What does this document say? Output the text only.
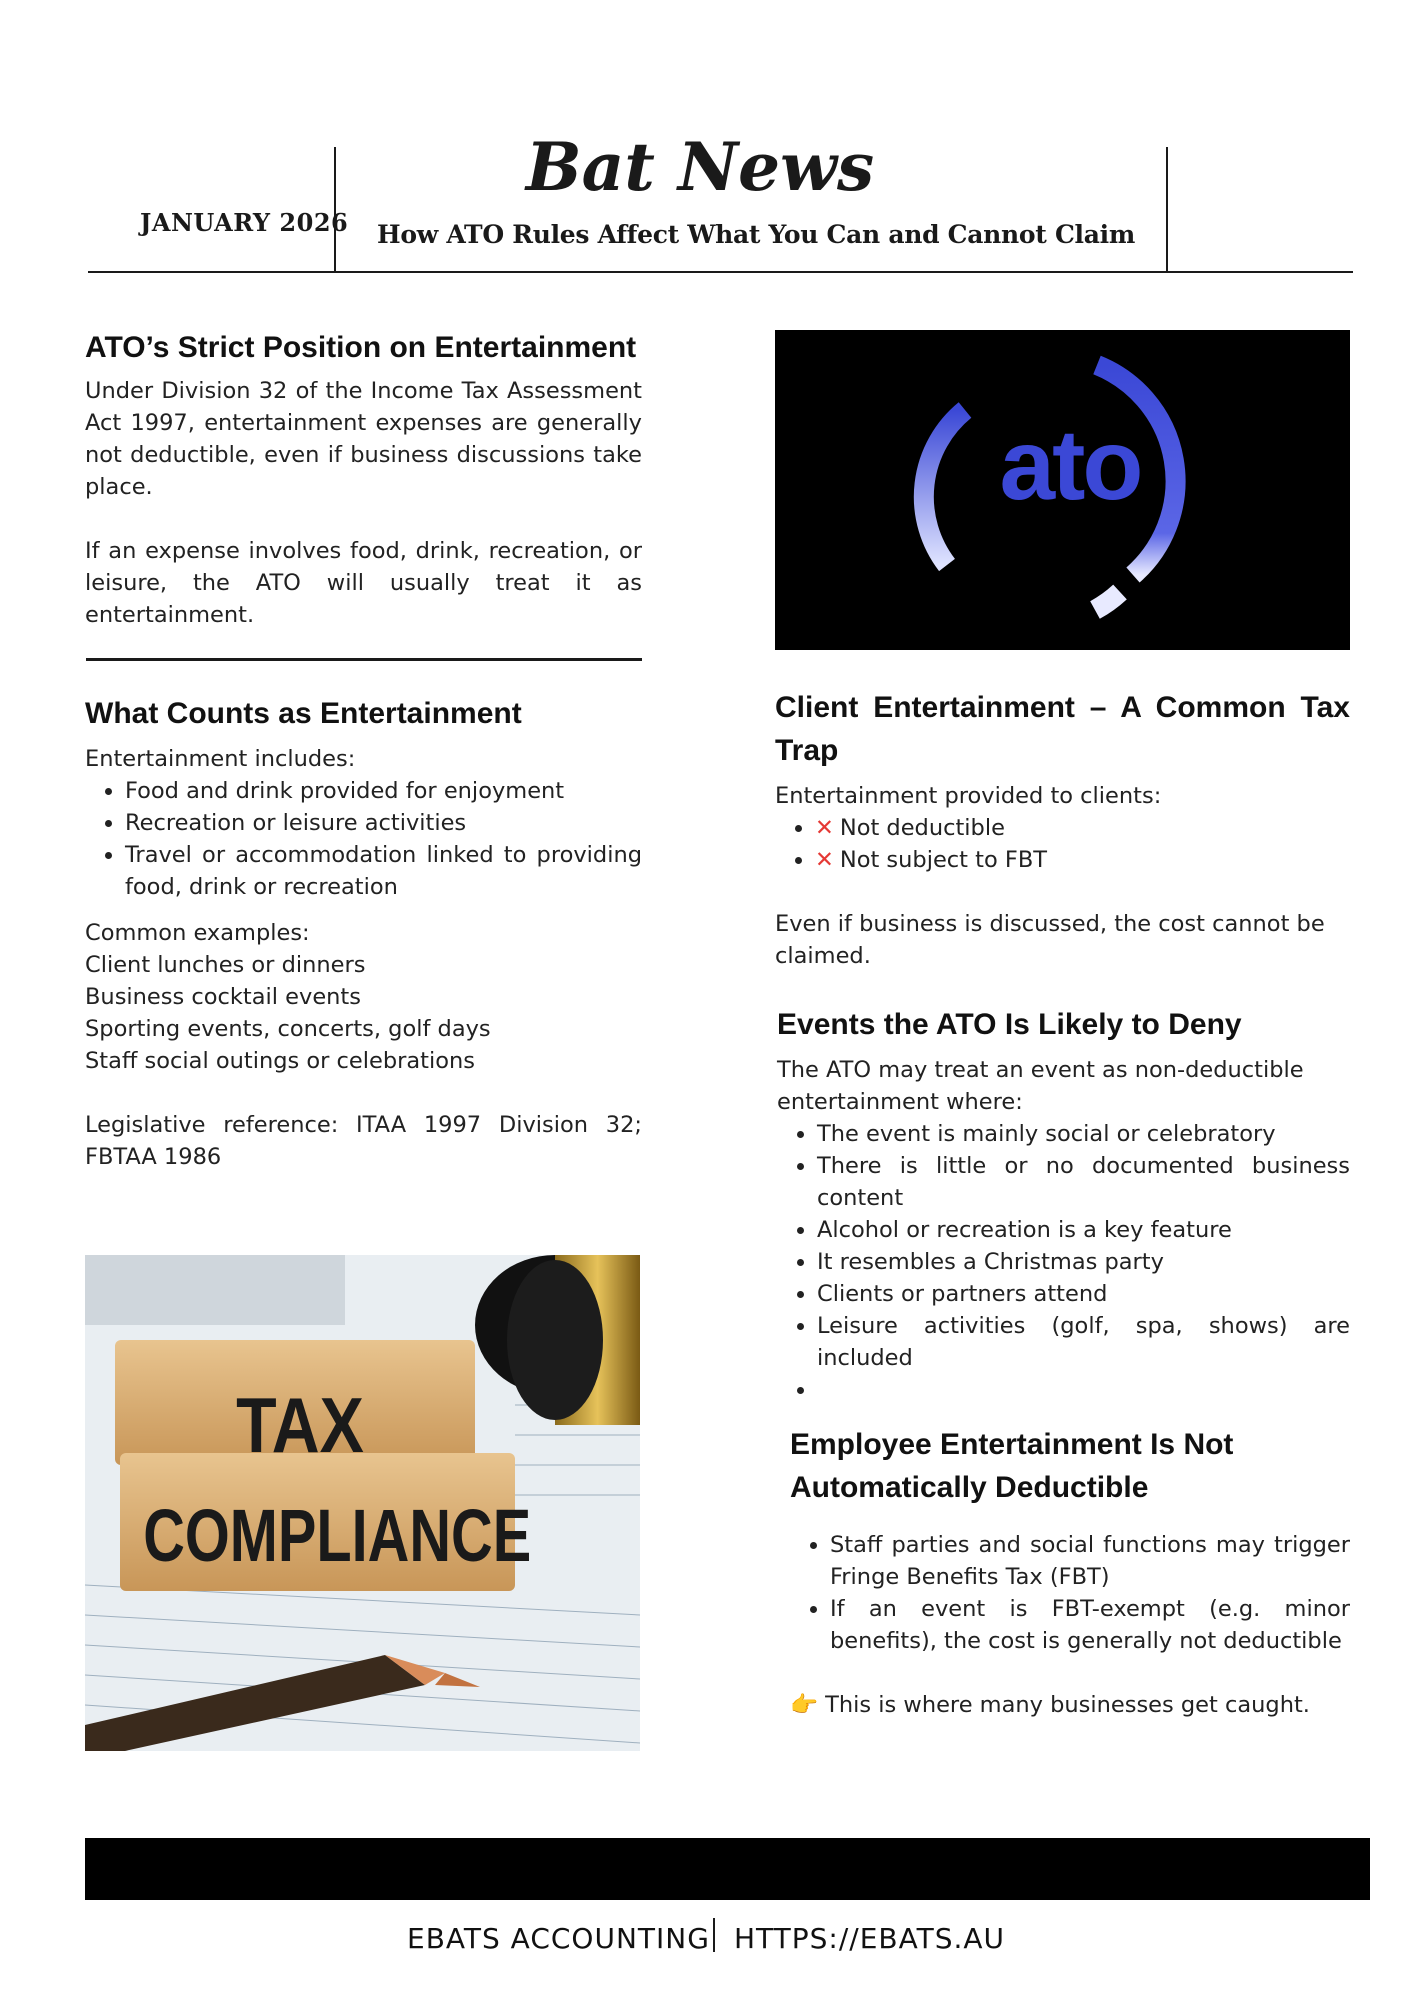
JANUARY 2026
Bat News
How ATO Rules Affect What You Can and Cannot Claim
ATO’s Strict Position on Entertainment

Under Division 32 of the Income Tax Assessment Act 1997, entertainment expenses are generally not deductible, even if business discussions take place.

If an expense involves food, drink, recreation, or leisure, the ATO will usually treat it as entertainment.

What Counts as Entertainment

Entertainment includes:

• Food and drink provided for enjoyment
• Recreation or leisure activities
• Travel or accommodation linked to providing food, drink or recreation

Common examples:

Client lunches or dinners

Business cocktail events

Sporting events, concerts, golf days

Staff social outings or celebrations

Legislative reference: ITAA 1997 Division 32; FBTAA 1986

TAX
COMPLIANCE
ato
Client Entertainment – A Common Tax Trap

Entertainment provided to clients:

• ✕ Not deductible
• ✕ Not subject to FBT

Even if business is discussed, the cost cannot be claimed.

Events the ATO Is Likely to Deny

The ATO may treat an event as non-deductible entertainment where:

• The event is mainly social or celebratory
• There is little or no documented business content
• Alcohol or recreation is a key feature
• It resembles a Christmas party
• Clients or partners attend
• Leisure activities (golf, spa, shows) are included
•
Employee Entertainment Is Not Automatically Deductible
• Staff parties and social functions may trigger Fringe Benefits Tax (FBT)
• If an event is FBT-exempt (e.g. minor benefits), the cost is generally not deductible

👉 This is where many businesses get caught.

EBATS ACCOUNTING HTTPS://EBATS.AU
